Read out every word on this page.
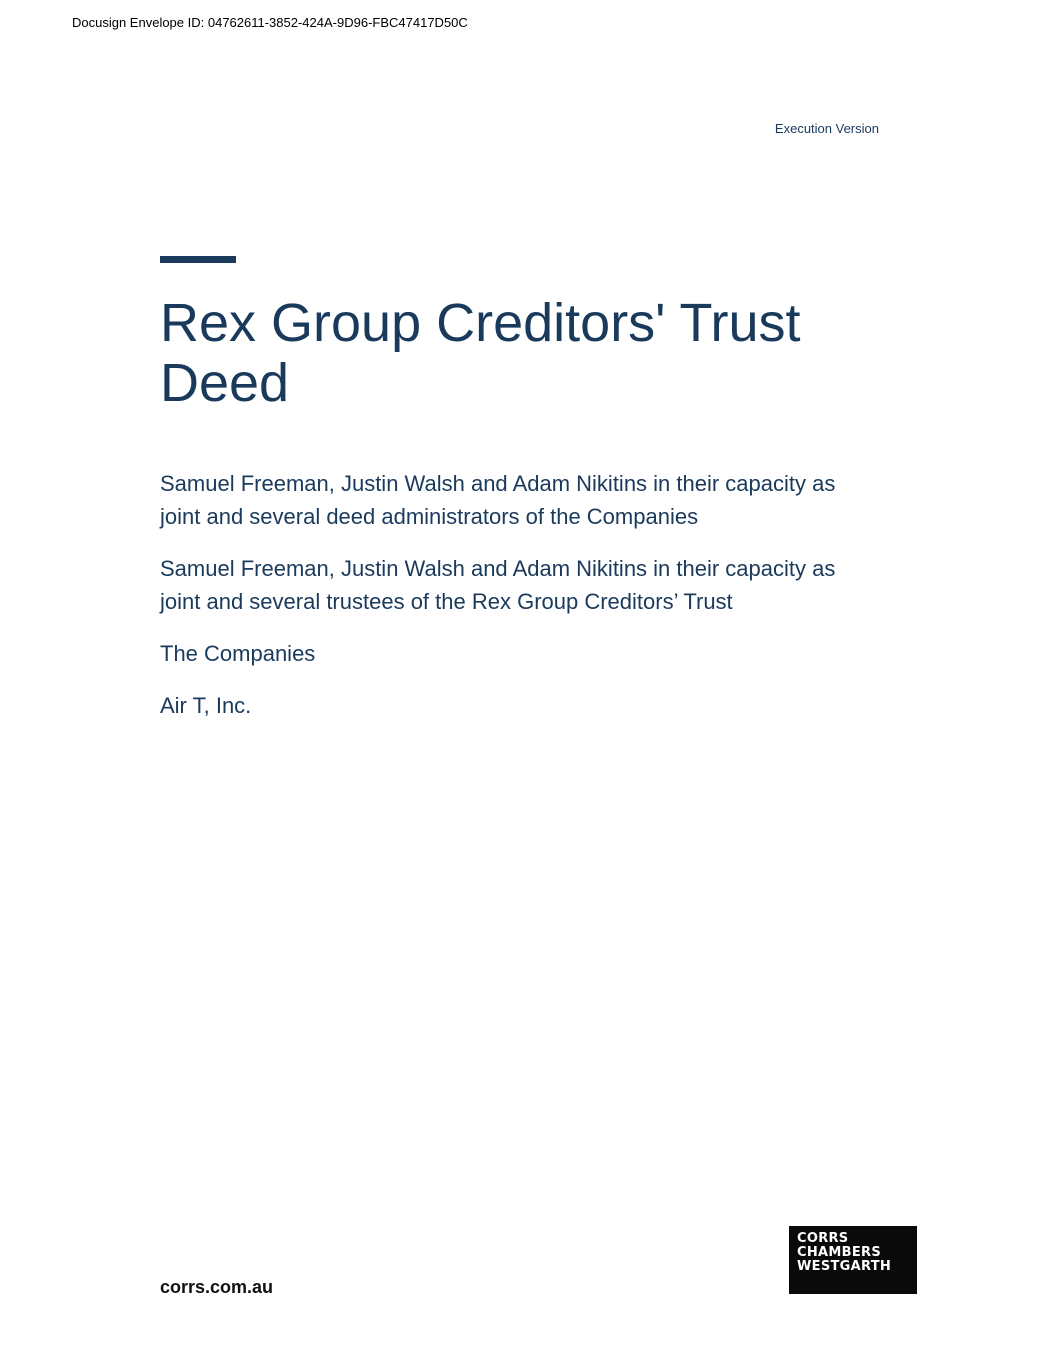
Docusign Envelope ID: 04762611-3852-424A-9D96-FBC47417D50C
Execution Version
Rex Group Creditors' Trust Deed
Samuel Freeman, Justin Walsh and Adam Nikitins in their capacity as joint and several deed administrators of the Companies
Samuel Freeman, Justin Walsh and Adam Nikitins in their capacity as joint and several trustees of the Rex Group Creditors’ Trust
The Companies
Air T, Inc.
corrs.com.au
CORRS
CHAMBERS
WESTGARTH
